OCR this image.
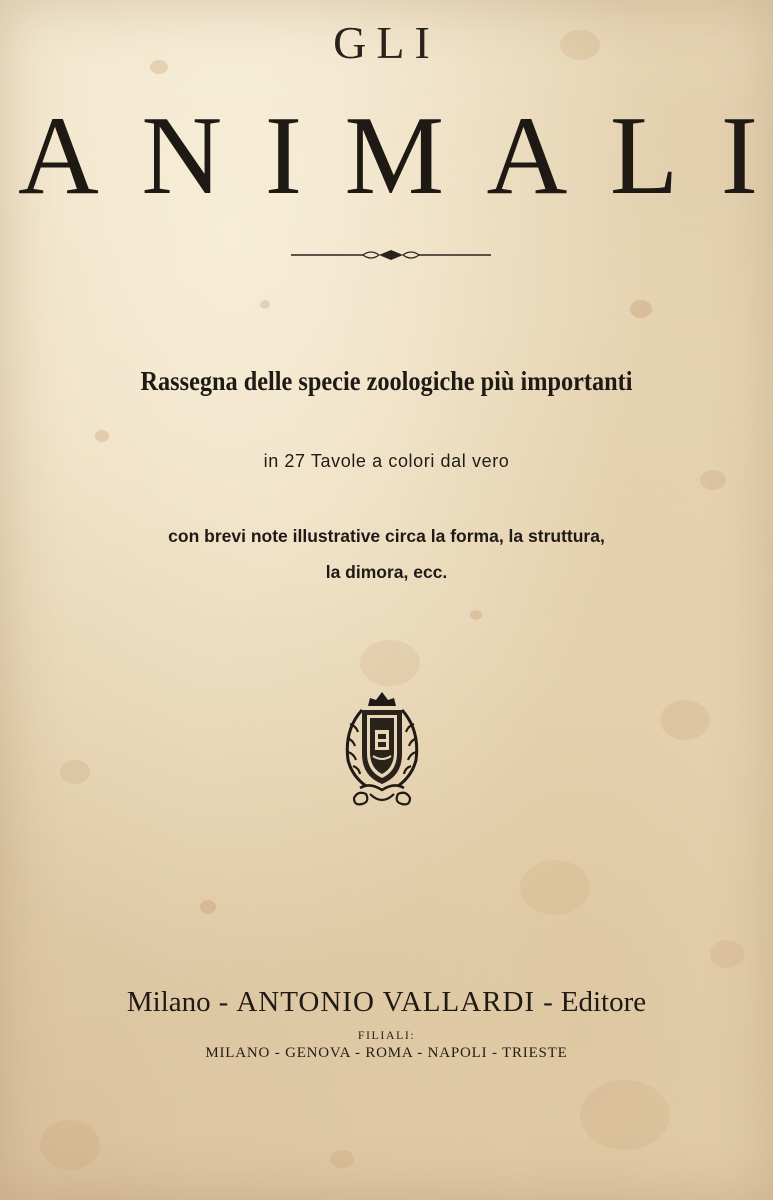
GLI
A N I M A L I
Rassegna delle specie zoologiche più importanti
in 27 Tavole a colori dal vero
con brevi note illustrative circa la forma, la struttura,
la dimora, ecc.
Milano - ANTONIO VALLARDI - Editore
FILIALI:
MILANO - GENOVA - ROMA - NAPOLI - TRIESTE
